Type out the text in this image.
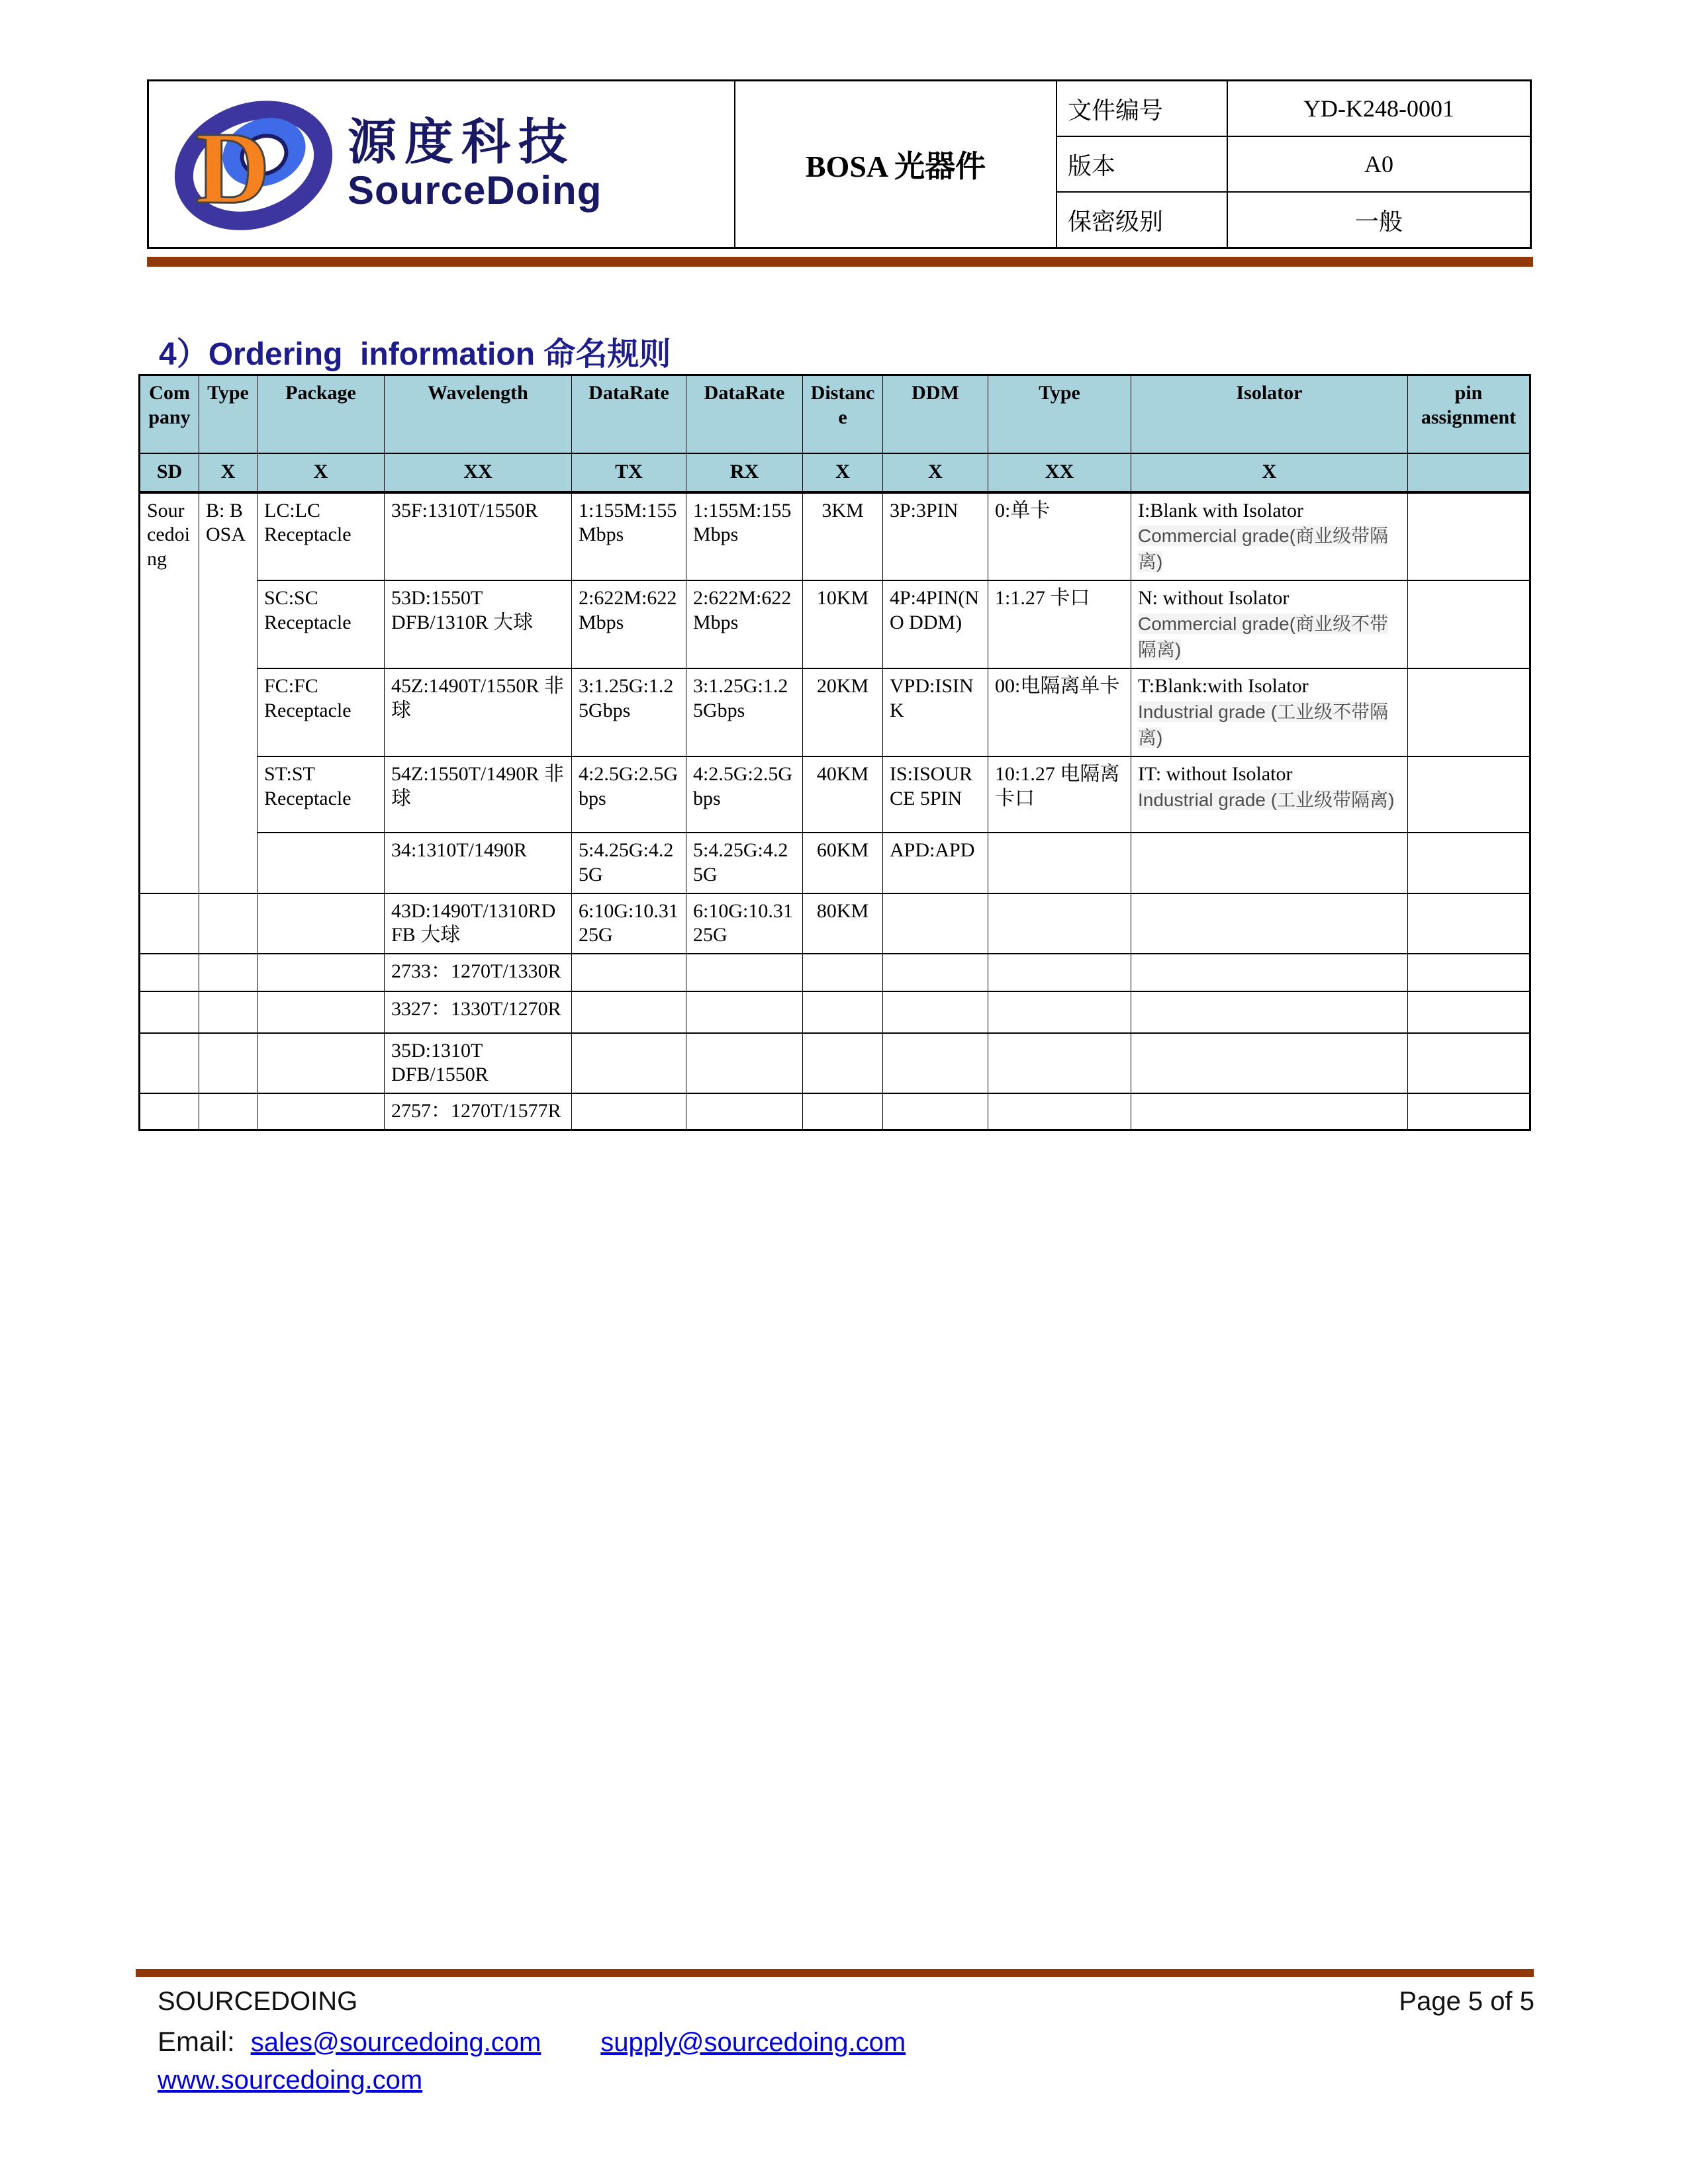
D 源度科技
SourceDoing
BOSA 光器件
文件编号	YD-K248-0001
版本	A0
保密级别	一般
4）Ordering  information 命名规则
Company	Type	Package	Wavelength	DataRate	DataRate	Distance	DDM	Type	Isolator	pin assignment
SD	X	X	XX	TX	RX	X	X	XX	X	
Sourcedoing	B: BOSA	LC:LC Receptacle	35F:1310T/1550R	1:155M:155Mbps	1:155M:155Mbps	3KM	3P:3PIN	0:单卡	I:Blank with Isolator
Commercial grade(商业级带隔离)	
		SC:SC Receptacle	53D:1550T DFB/1310R 大球	2:622M:622Mbps	2:622M:622Mbps	10KM	4P:4PIN(NO DDM)	1:1.27 卡口	N: without Isolator
Commercial grade(商业级不带隔离)	
		FC:FC Receptacle	45Z:1490T/1550R 非球	3:1.25G:1.25Gbps	3:1.25G:1.25Gbps	20KM	VPD:ISINK	00:电隔离单卡	T:Blank:with Isolator
Industrial grade (工业级不带隔离)	
		ST:ST Receptacle	54Z:1550T/1490R 非球	4:2.5G:2.5Gbps	4:2.5G:2.5Gbps	40KM	IS:ISOURCE 5PIN	10:1.27 电隔离卡口	IT: without Isolator
Industrial grade (工业级带隔离)	
			34:1310T/1490R	5:4.25G:4.25G	5:4.25G:4.25G	60KM	APD:APD		

			43D:1490T/1310RDFB 大球	6:10G:10.3125G	6:10G:10.3125G	80KM			

			2733：1270T/1330R						

			3327：1330T/1270R						

			35D:1310T DFB/1550R						

			2757：1270T/1577R						

SOURCEDOING	Page 5 of 5
Email: sales@sourcedoing.com supply@sourcedoing.com
www.sourcedoing.com
